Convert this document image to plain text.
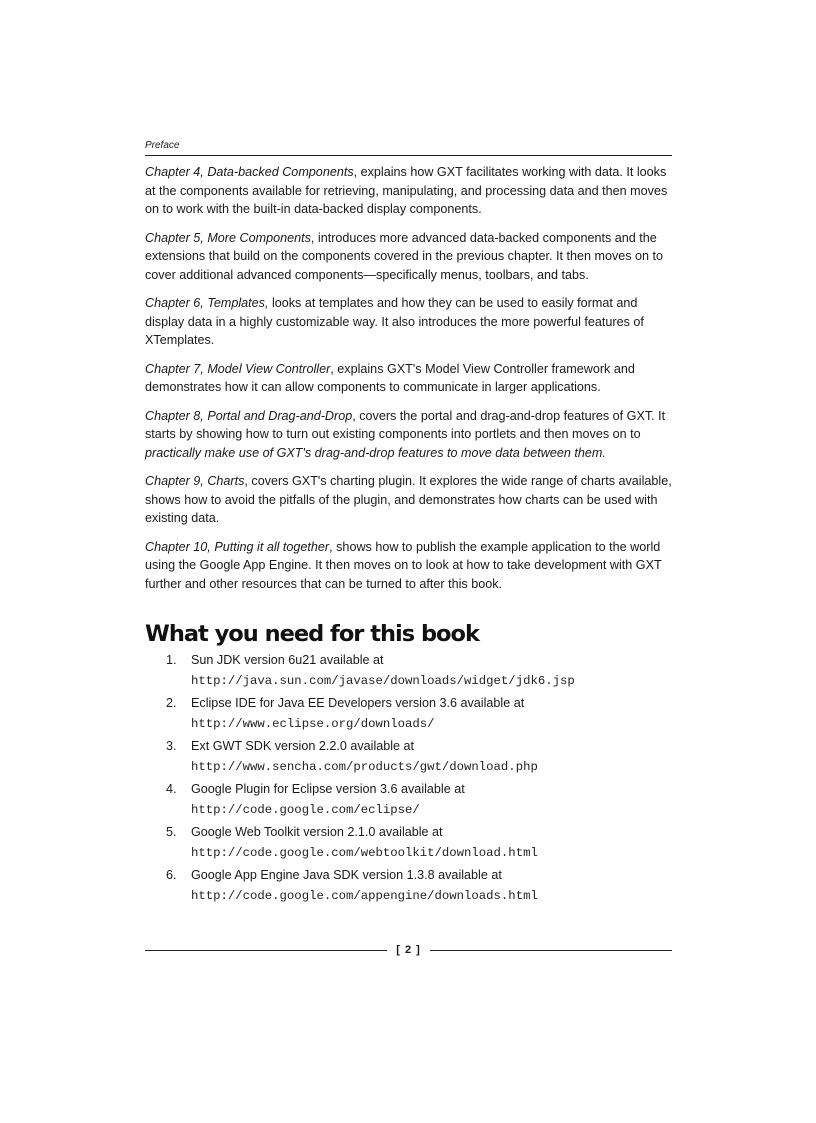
Preface

Chapter 4, Data-backed Components, explains how GXT facilitates working with data. It looks at the components available for retrieving, manipulating, and processing data and then moves on to work with the built-in data-backed display components.

Chapter 5, More Components, introduces more advanced data-backed components and the extensions that build on the components covered in the previous chapter. It then moves on to cover additional advanced components—specifically menus, toolbars, and tabs.

Chapter 6, Templates, looks at templates and how they can be used to easily format and display data in a highly customizable way. It also introduces the more powerful features of XTemplates.

Chapter 7, Model View Controller, explains GXT's Model View Controller framework and demonstrates how it can allow components to communicate in larger applications.

Chapter 8, Portal and Drag-and-Drop, covers the portal and drag-and-drop features of GXT. It starts by showing how to turn out existing components into portlets and then moves on to practically make use of GXT's drag-and-drop features to move data between them.

Chapter 9, Charts, covers GXT's charting plugin. It explores the wide range of charts available, shows how to avoid the pitfalls of the plugin, and demonstrates how charts can be used with existing data.

Chapter 10, Putting it all together, shows how to publish the example application to the world using the Google App Engine. It then moves on to look at how to take development with GXT further and other resources that can be turned to after this book.

What you need for this book
1. Sun JDK version 6u21 available at http://java.sun.com/javase/downloads/widget/jdk6.jsp
2. Eclipse IDE for Java EE Developers version 3.6 available at http://www.eclipse.org/downloads/
3. Ext GWT SDK version 2.2.0 available at http://www.sencha.com/products/gwt/download.php
4. Google Plugin for Eclipse version 3.6 available at http://code.google.com/eclipse/
5. Google Web Toolkit version 2.1.0 available at http://code.google.com/webtoolkit/download.html
6. Google App Engine Java SDK version 1.3.8 available at http://code.google.com/appengine/downloads.html
[ 2 ]
